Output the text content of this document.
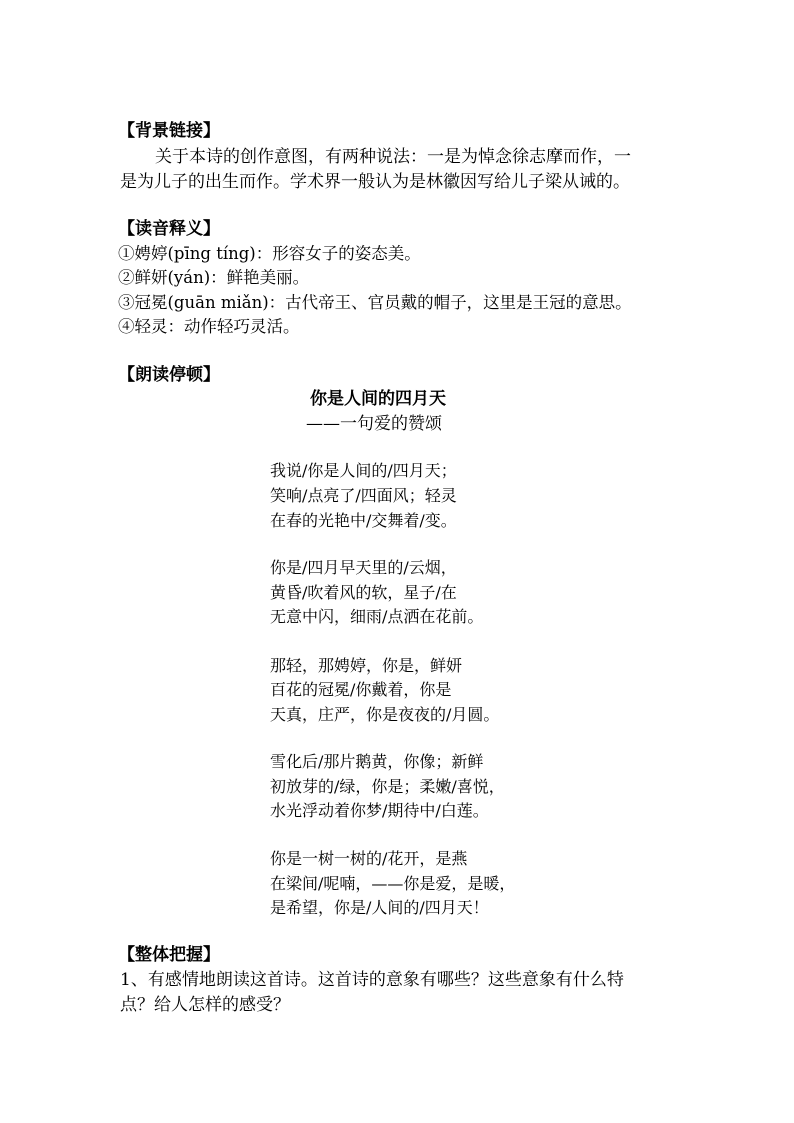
【背景链接】
关于本诗的创作意图，有两种说法：一是为悼念徐志摩而作，一
是为儿子的出生而作。学术界一般认为是林徽因写给儿子梁从诫的。
【读音释义】
①娉婷(pīng tíng)：形容女子的姿态美。
②鲜妍(yán)：鲜艳美丽。
③冠冕(guān miǎn)：古代帝王、官员戴的帽子，这里是王冠的意思。
④轻灵：动作轻巧灵活。
【朗读停顿】
你是人间的四月天
——一句爱的赞颂
我说/你是人间的/四月天；
笑响/点亮了/四面风；轻灵
在春的光艳中/交舞着/变。
你是/四月早天里的/云烟，
黄昏/吹着风的软，星子/在
无意中闪，细雨/点洒在花前。
那轻，那娉婷，你是，鲜妍
百花的冠冕/你戴着，你是
天真，庄严，你是夜夜的/月圆。
雪化后/那片鹅黄，你像；新鲜
初放芽的/绿，你是；柔嫩/喜悦，
水光浮动着你梦/期待中/白莲。
你是一树一树的/花开，是燕
在梁间/呢喃，——你是爱，是暖，
是希望，你是/人间的/四月天！
【整体把握】
1、有感情地朗读这首诗。这首诗的意象有哪些？这些意象有什么特
点？给人怎样的感受？
